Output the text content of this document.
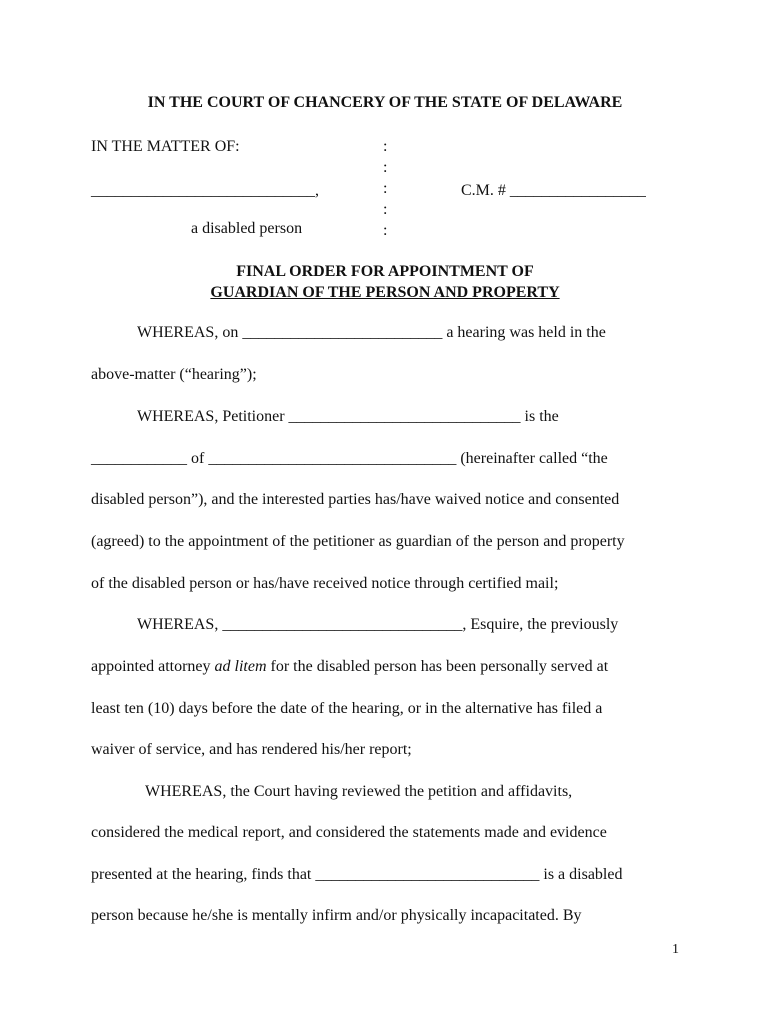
IN THE COURT OF CHANCERY OF THE STATE OF DELAWARE
IN THE MATTER OF:
____________________________,
a disabled person
:
:
:
:
:
C.M. # _________________
FINAL ORDER FOR APPOINTMENT OF
GUARDIAN OF THE PERSON AND PROPERTY
WHEREAS, on _________________________ a hearing was held in the
above-matter (“hearing”);
WHEREAS, Petitioner _____________________________ is the
____________ of _______________________________ (hereinafter called “the
disabled person”), and the interested parties has/have waived notice and consented
(agreed) to the appointment of the petitioner as guardian of the person and property
of the disabled person or has/have received notice through certified mail;
WHEREAS, ______________________________, Esquire, the previously
appointed attorney ad litem for the disabled person has been personally served at
least ten (10) days before the date of the hearing, or in the alternative has filed a
waiver of service, and has rendered his/her report;
WHEREAS, the Court having reviewed the petition and affidavits,
considered the medical report, and considered the statements made and evidence
presented at the hearing, finds that ____________________________ is a disabled
person because he/she is mentally infirm and/or physically incapacitated. By
1
